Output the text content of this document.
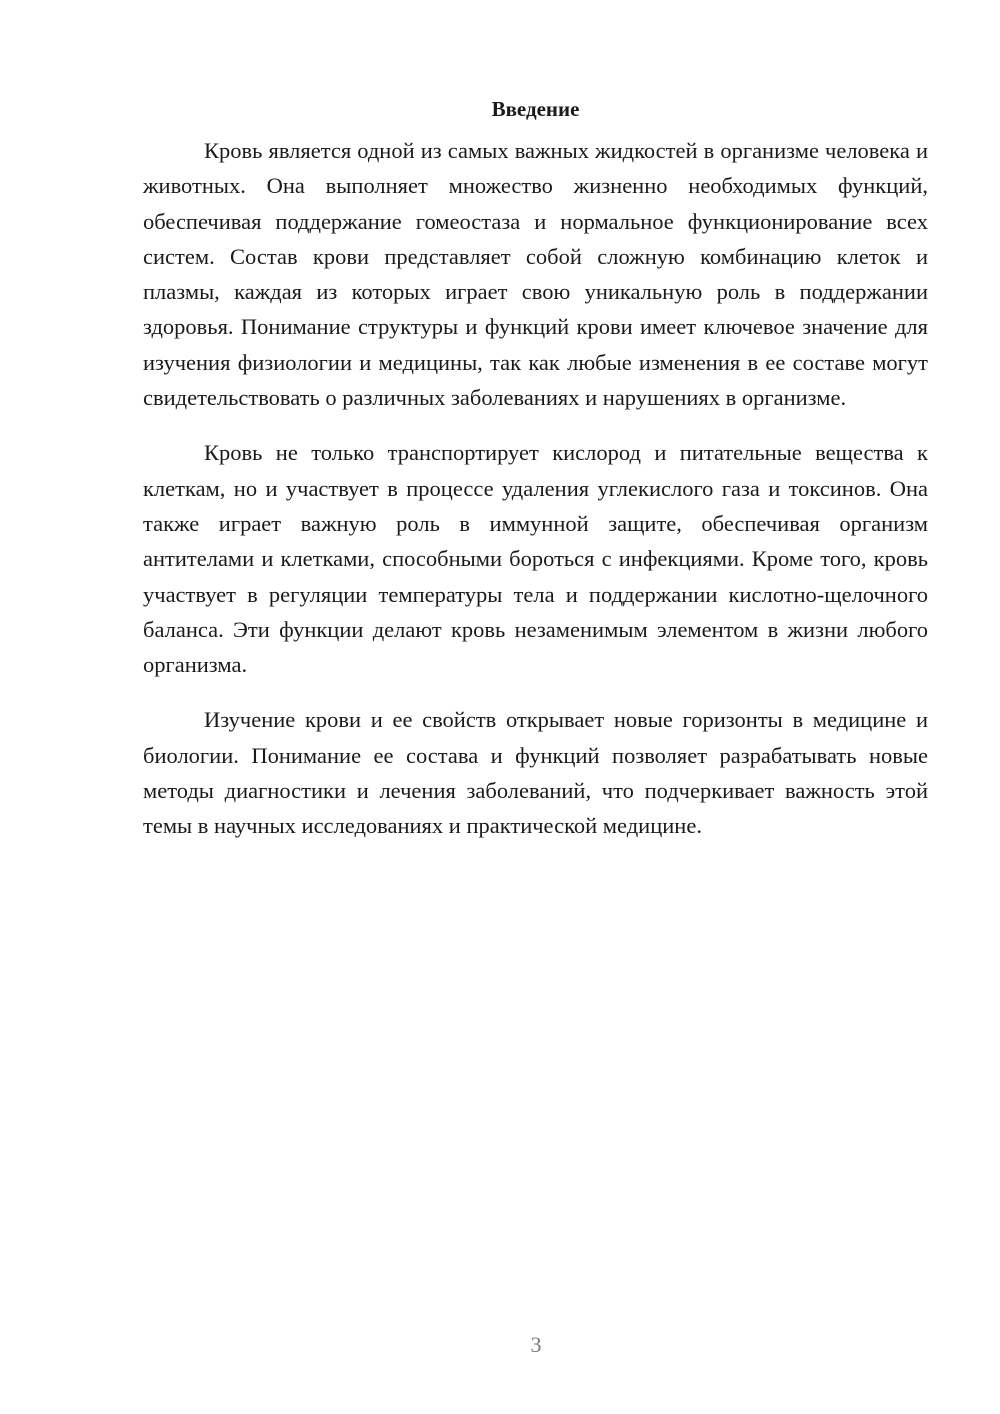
Введение

Кровь является одной из самых важных жидкостей в организме человека и животных. Она выполняет множество жизненно необходимых функций, обеспечивая поддержание гомеостаза и нормальное функционирование всех систем. Состав крови представляет собой сложную комбинацию клеток и плазмы, каждая из которых играет свою уникальную роль в поддержании здоровья. Понимание структуры и функций крови имеет ключевое значение для изучения физиологии и медицины, так как любые изменения в ее составе могут свидетельствовать о различных заболеваниях и нарушениях в организме.

Кровь не только транспортирует кислород и питательные вещества к клеткам, но и участвует в процессе удаления углекислого газа и токсинов. Она также играет важную роль в иммунной защите, обеспечивая организм антителами и клетками, способными бороться с инфекциями. Кроме того, кровь участвует в регуляции температуры тела и поддержании кислотно-щелочного баланса. Эти функции делают кровь незаменимым элементом в жизни любого организма.

Изучение крови и ее свойств открывает новые горизонты в медицине и биологии. Понимание ее состава и функций позволяет разрабатывать новые методы диагностики и лечения заболеваний, что подчеркивает важность этой темы в научных исследованиях и практической медицине.

3
